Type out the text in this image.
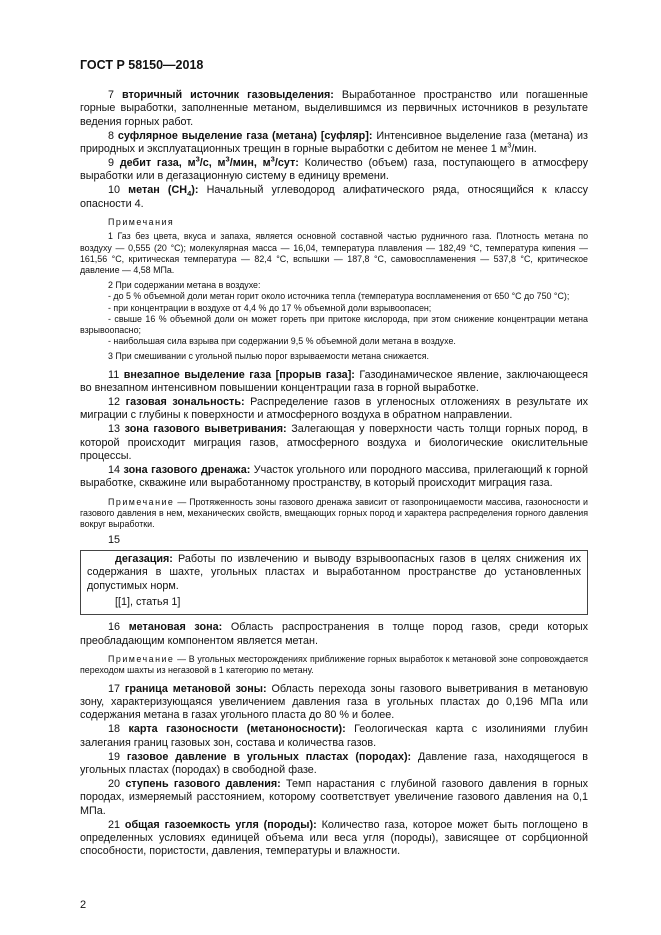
ГОСТ Р 58150—2018

7 вторичный источник газовыделения: Выработанное пространство или погашенные горные выработки, заполненные метаном, выделившимся из первичных источников в результате ведения горных работ.

8 суфлярное выделение газа (метана) [суфляр]: Интенсивное выделение газа (метана) из природных и эксплуатационных трещин в горные выработки с дебитом не менее 1 $м^3$/мин.

9 дебит газа, $м^3/с$, $м^3$/мин, $м^3$/сут: Количество (объем) газа, поступающего в атмосферу выработки или в дегазационную систему в единицу времени.

10 метан $(CH_4)$: Начальный углеводород алифатического ряда, относящийся к классу опасности 4.

Примечания

1 Газ без цвета, вкуса и запаха, является основной составной частью рудничного газа. Плотность метана по воздуху — 0,555 (20 °С); молекулярная масса — 16,04, температура плавления — 182,49 °С, температура кипения — 161,56 °С, критическая температура — 82,4 °С, вспышки — 187,8 °С, самовоспламенения — 537,8 °С, критическое давление — 4,58 МПа.

2 При содержании метана в воздухе:

- до 5 % объемной доли метан горит около источника тепла (температура воспламенения от 650 °С до 750 °С);

- при концентрации в воздухе от 4,4 % до 17 % объемной доли взрывоопасен;

- свыше 16 % объемной доли он может гореть при притоке кислорода, при этом снижение концентрации метана взрывоопасно;

- наибольшая сила взрыва при содержании 9,5 % объемной доли метана в воздухе.

3 При смешивании с угольной пылью порог взрываемости метана снижается.

11 внезапное выделение газа [прорыв газа]: Газодинамическое явление, заключающееся во внезапном интенсивном повышении концентрации газа в горной выработке.

12 газовая зональность: Распределение газов в угленосных отложениях в результате их миграции с глубины к поверхности и атмосферного воздуха в обратном направлении.

13 зона газового выветривания: Залегающая у поверхности часть толщи горных пород, в которой происходит миграция газов, атмосферного воздуха и биологические окислительные процессы.

14 зона газового дренажа: Участок угольного или породного массива, прилегающий к горной выработке, скважине или выработанному пространству, в который происходит миграция газа.

Примечание — Протяженность зоны газового дренажа зависит от газопроницаемости массива, газоносности и газового давления в нем, механических свойств, вмещающих горных пород и характера распределения горного давления вокруг выработки.

15

дегазация: Работы по извлечению и выводу взрывоопасных газов в целях снижения их содержания в шахте, угольных пластах и выработанном пространстве до установленных допустимых норм.

[[1], статья 1]

16 метановая зона: Область распространения в толще пород газов, среди которых преобладающим компонентом является метан.

Примечание — В угольных месторождениях приближение горных выработок к метановой зоне сопровождается переходом шахты из негазовой в 1 категорию по метану.

17 граница метановой зоны: Область перехода зоны газового выветривания в метановую зону, характеризующаяся увеличением давления газа в угольных пластах до 0,196 МПа или содержания метана в газах угольного пласта до 80 % и более.

18 карта газоносности (метаноносности): Геологическая карта с изолиниями глубин залегания границ газовых зон, состава и количества газов.

19 газовое давление в угольных пластах (породах): Давление газа, находящегося в угольных пластах (породах) в свободной фазе.

20 ступень газового давления: Темп нарастания с глубиной газового давления в горных породах, измеряемый расстоянием, которому соответствует увеличение газового давления на 0,1 МПа.

21 общая газоемкость угля (породы): Количество газа, которое может быть поглощено в определенных условиях единицей объема или веса угля (породы), зависящее от сорбционной способности, пористости, давления, температуры и влажности.

2
